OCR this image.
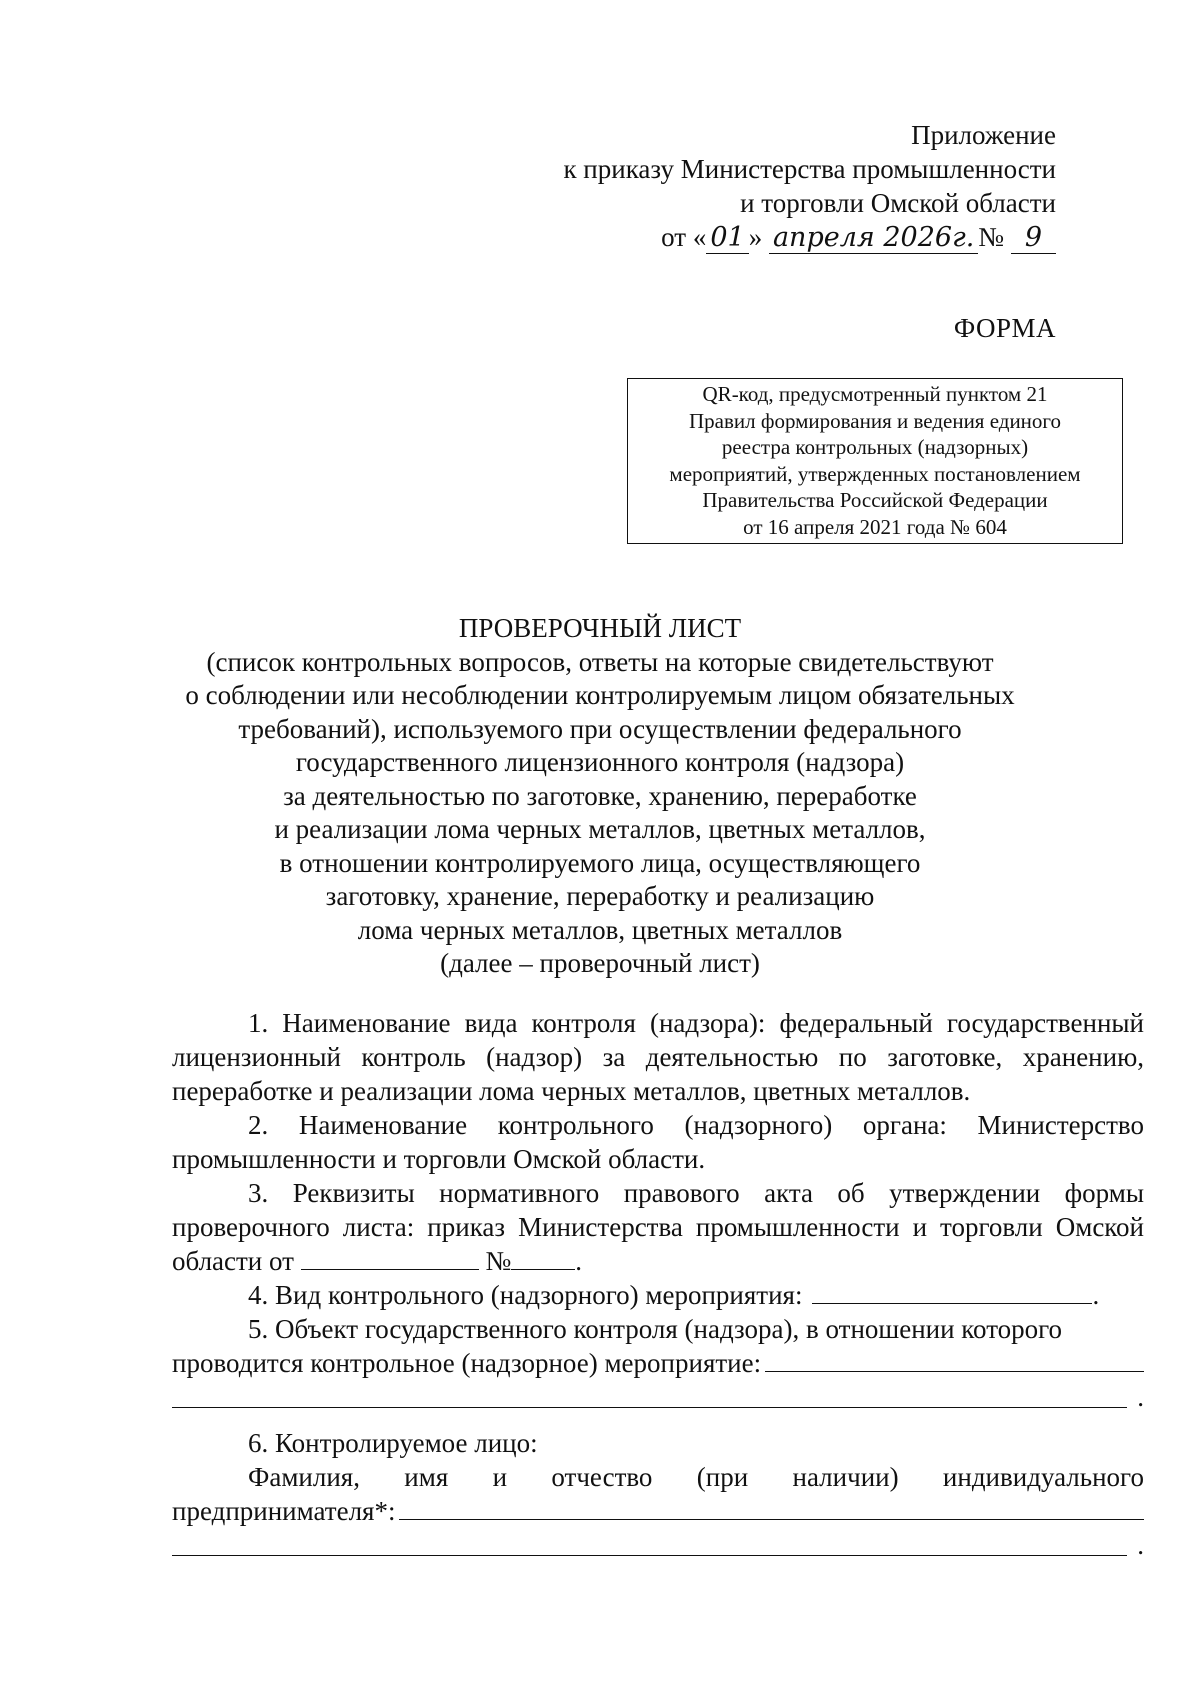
Приложение
к приказу Министерства промышленности
и торговли Омской области
от « 01 » апреля 2026г. № 9
ФОРМА
QR-код, предусмотренный пунктом 21
Правил формирования и ведения единого
реестра контрольных (надзорных)
мероприятий, утвержденных постановлением
Правительства Российской Федерации
от 16 апреля 2021 года № 604
ПРОВЕРОЧНЫЙ ЛИСТ
(список контрольных вопросов, ответы на которые свидетельствуют
о соблюдении или несоблюдении контролируемым лицом обязательных
требований), используемого при осуществлении федерального
государственного лицензионного контроля (надзора)
за деятельностью по заготовке, хранению, переработке
и реализации лома черных металлов, цветных металлов,
в отношении контролируемого лица, осуществляющего
заготовку, хранение, переработку и реализацию
лома черных металлов, цветных металлов
(далее – проверочный лист)

1. Наименование вида контроля (надзора): федеральный государственный лицензионный контроль (надзор) за деятельностью по заготовке, хранению, переработке и реализации лома черных металлов, цветных металлов.

2. Наименование контрольного (надзорного) органа: Министерство промышленности и торговли Омской области.

3. Реквизиты нормативного правового акта об утверждении формы проверочного листа: приказ Министерства промышленности и торговли Омской области от	№ .

4. Вид контрольного (надзорного) мероприятия:	.
5. Объект государственного контроля (надзора), в отношении которого
проводится контрольное (надзорное) мероприятие:
.
6. Контролируемое лицо:
Фамилия, имя и отчество (при наличии) индивидуального
предпринимателя*:
.
